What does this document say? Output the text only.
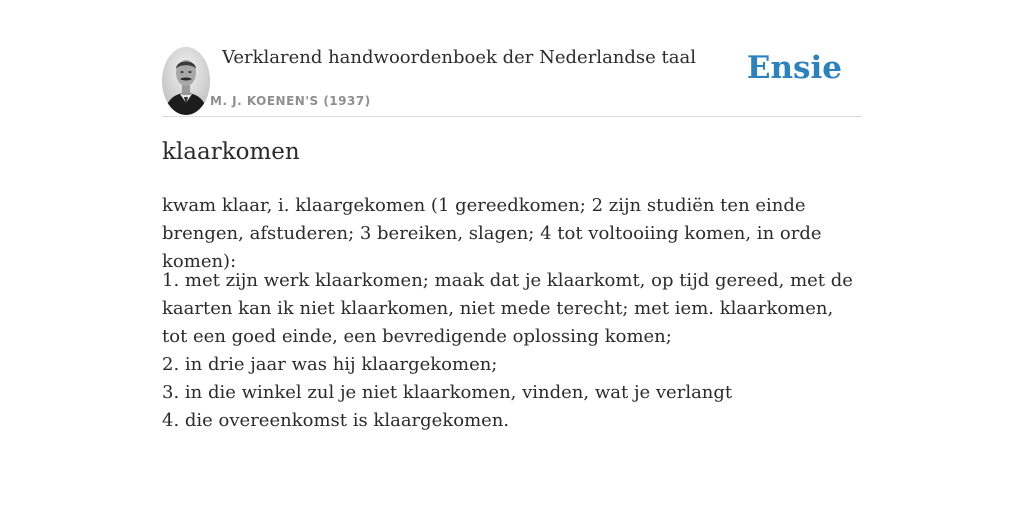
Verklarend handwoordenboek der Nederlandse taal
M. J. KOENEN'S (1937)
Ensie
klaarkomen

kwam klaar, i. klaargekomen (1 gereedkomen; 2 zijn studiën ten einde brengen, afstuderen; 3 bereiken, slagen; 4 tot voltooiing komen, in orde komen):

1. met zijn werk klaarkomen; maak dat je klaarkomt, op tijd gereed, met de kaarten kan ik niet klaarkomen, niet mede terecht; met iem. klaarkomen, tot een goed einde, een bevredigende oplossing komen;
2. in drie jaar was hij klaargekomen;
3. in die winkel zul je niet klaarkomen, vinden, wat je verlangt
4. die overeenkomst is klaargekomen.
